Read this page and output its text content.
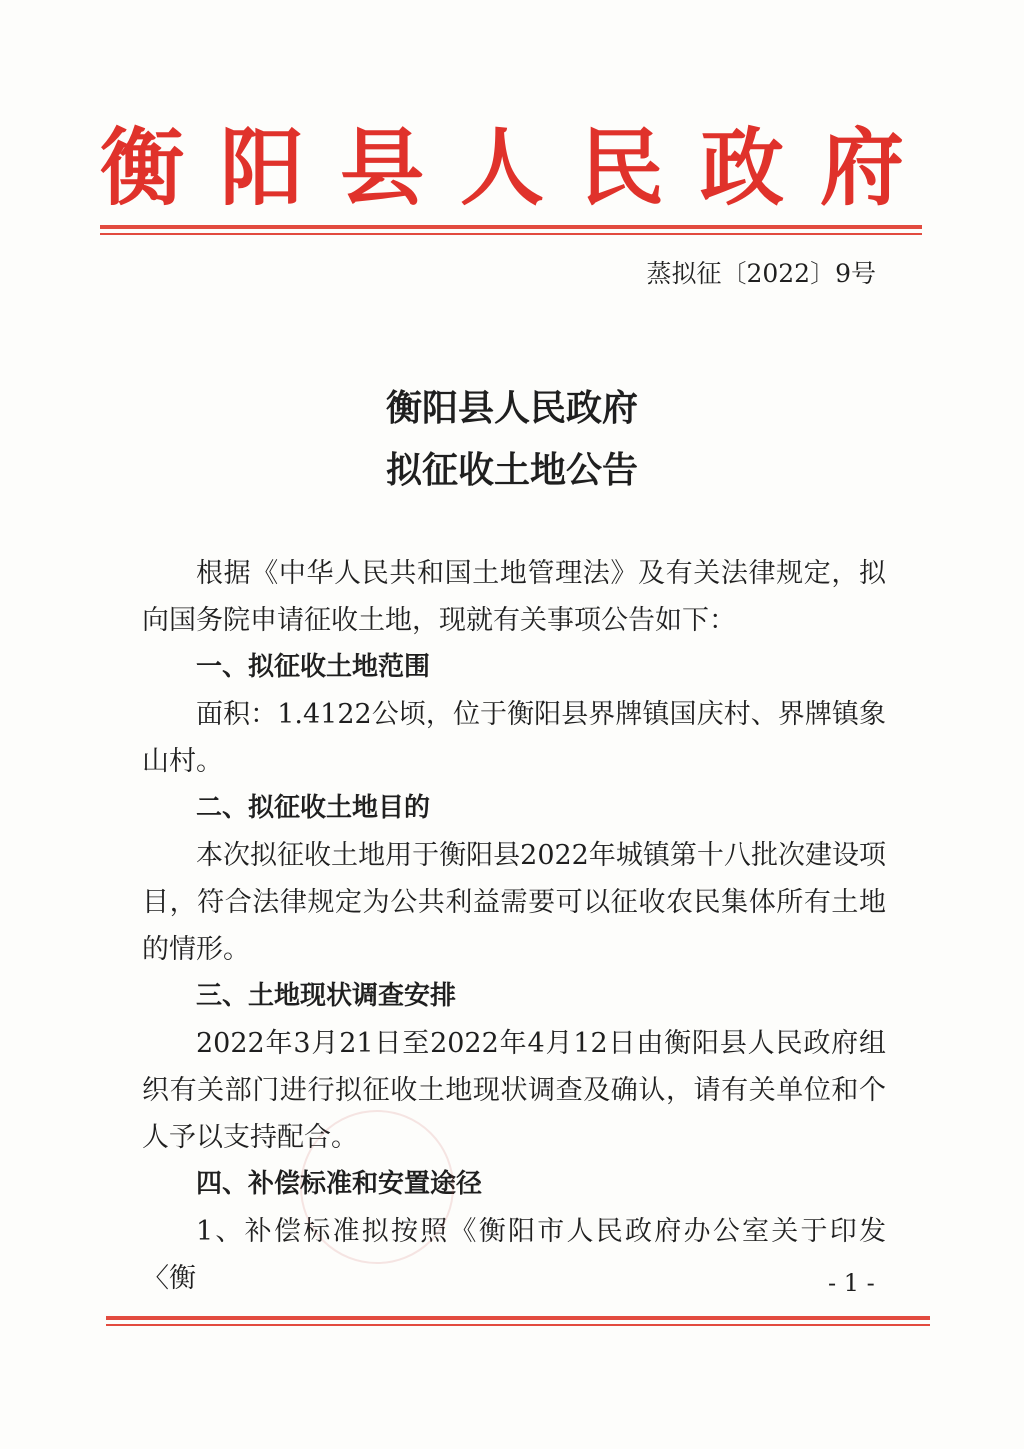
衡阳县人民政府
蒸拟征〔2022〕9号
衡阳县人民政府
拟征收土地公告

根据《中华人民共和国土地管理法》及有关法律规定，拟向国务院申请征收土地，现就有关事项公告如下：

一、拟征收土地范围

面积：1.4122公顷，位于衡阳县界牌镇国庆村、界牌镇象山村。

二、拟征收土地目的

本次拟征收土地用于衡阳县2022年城镇第十八批次建设项目，符合法律规定为公共利益需要可以征收农民集体所有土地的情形。

三、土地现状调查安排

2022年3月21日至2022年4月12日由衡阳县人民政府组织有关部门进行拟征收土地现状调查及确认，请有关单位和个人予以支持配合。

四、补偿标准和安置途径

1、补偿标准拟按照《衡阳市人民政府办公室关于印发〈衡	- 1 -
